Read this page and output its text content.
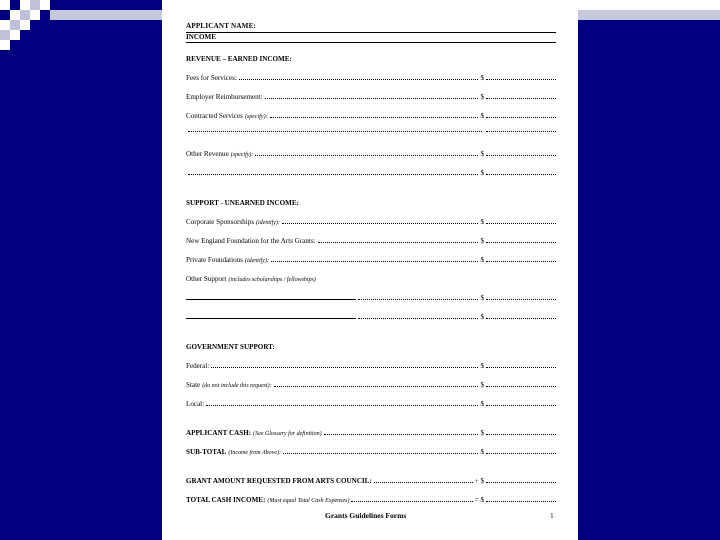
APPLICANT NAME:
INCOME
REVENUE – EARNED INCOME:
Fees for Services:	$
Employer Reimbursement:	$
Contracted Services (specify):	$
Other Revenue (specify):	$
$
SUPPORT - UNEARNED INCOME:
Corporate Sponsorships (identify):	$
New England Foundation for the Arts Grants:	$
Private Foundations (identify):	$
Other Support (includes scholarships / fellowships)
$
$
GOVERNMENT SUPPORT:
Federal:	$
State (do not include this request):	$
Local:	$
APPLICANT CASH: (See Glossary for definition)	$
SUB-TOTAL (Income from Above):	$
GRANT AMOUNT REQUESTED FROM ARTS COUNCIL:	+ $
TOTAL CASH INCOME: (Must equal Total Cash Expenses)	= $
Grants Guidelines Forms	1
